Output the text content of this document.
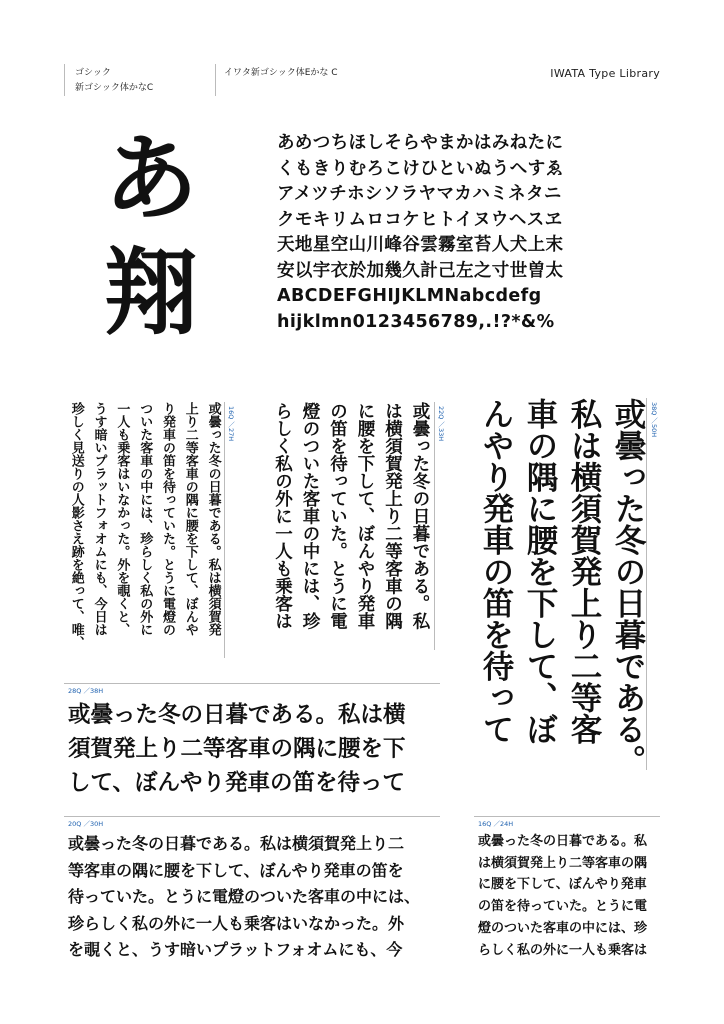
ゴシック
新ゴシック体かなC
イワタ新ゴシック体Eかな C	IWATA Type Library
あ
翔
あめつちほしそらやまかはみねたに
くもきりむろこけひといぬうへすゑ
アメツチホシソラヤマカハミネタニ
クモキリムロコケヒトイヌウヘスヱ
天地星空山川峰谷雲霧室苔人犬上末
安以宇衣於加幾久計己左之寸世曽太
ABCDEFGHIJKLMNabcdefg
hijklmn0123456789,.!?*&%
38Q ／50H
或曇った冬の日暮である。
私は横須賀発上り二等客
車の隅に腰を下して、ぼ
んやり発車の笛を待って
22Q ／33H
或曇った冬の日暮である。私
は横須賀発上り二等客車の隅
に腰を下して、ぼんやり発車
の笛を待っていた。とうに電
燈のついた客車の中には、珍
らしく私の外に一人も乗客は
16Q ／27H
或曇った冬の日暮である。私は横須賀発
上り二等客車の隅に腰を下して、ぼんや
り発車の笛を待っていた。とうに電燈の
ついた客車の中には、珍らしく私の外に
一人も乗客はいなかった。外を覗くと、
うす暗いプラットフォオムにも、今日は
珍しく見送りの人影さえ跡を絶って、唯、
28Q ／38H
或曇った冬の日暮である。私は横
須賀発上り二等客車の隅に腰を下
して、ぼんやり発車の笛を待って
20Q ／30H
或曇った冬の日暮である。私は横須賀発上り二
等客車の隅に腰を下して、ぼんやり発車の笛を
待っていた。とうに電燈のついた客車の中には、
珍らしく私の外に一人も乗客はいなかった。外
を覗くと、うす暗いプラットフォオムにも、今
16Q ／24H
或曇った冬の日暮である。私
は横須賀発上り二等客車の隅
に腰を下して、ぼんやり発車
の笛を待っていた。とうに電
燈のついた客車の中には、珍
らしく私の外に一人も乗客は
